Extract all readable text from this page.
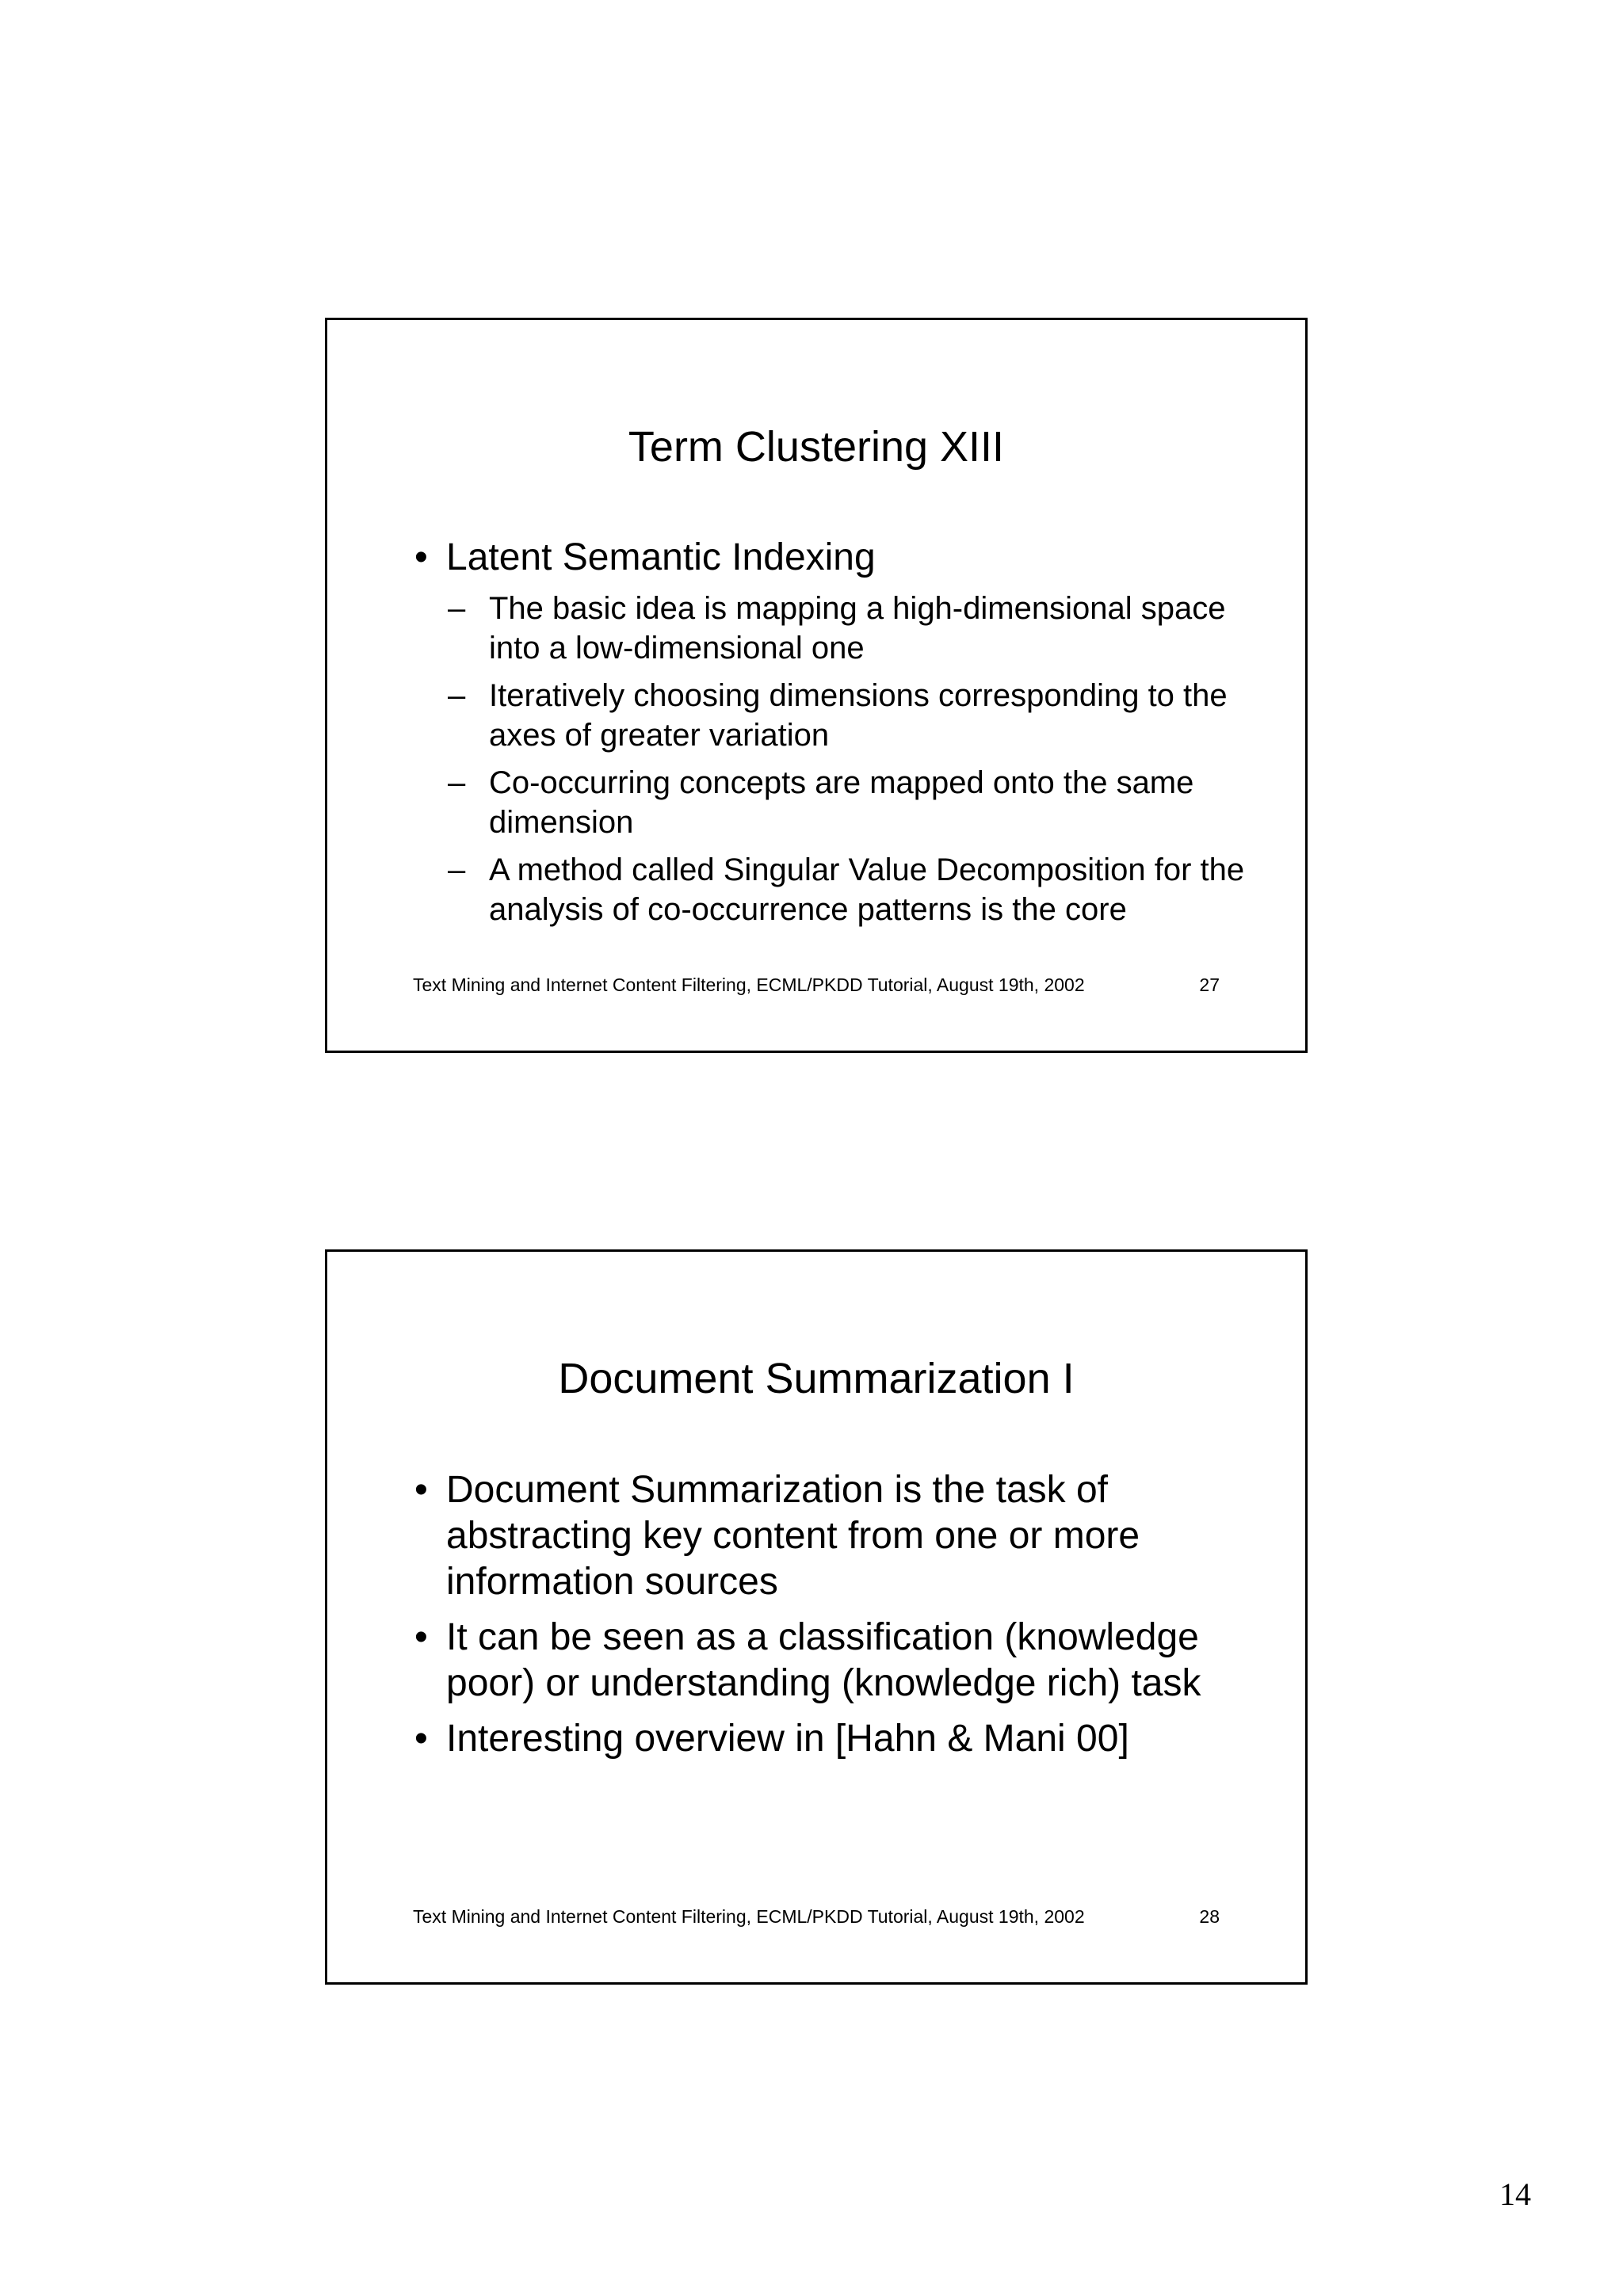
Term Clustering XIII
• Latent Semantic Indexing
– The basic idea is mapping a high-dimensional space into a low-dimensional one
– Iteratively choosing dimensions corresponding to the axes of greater variation
– Co-occurring concepts are mapped onto the same dimension
– A method called Singular Value Decomposition for the analysis of co-occurrence patterns is the core
Text Mining and Internet Content Filtering, ECML/PKDD Tutorial, August 19th, 2002	27
Document Summarization I
• Document Summarization is the task of abstracting key content from one or more information sources
• It can be seen as a classification (knowledge poor) or understanding (knowledge rich) task
• Interesting overview in [Hahn & Mani 00]
Text Mining and Internet Content Filtering, ECML/PKDD Tutorial, August 19th, 2002	28
14
